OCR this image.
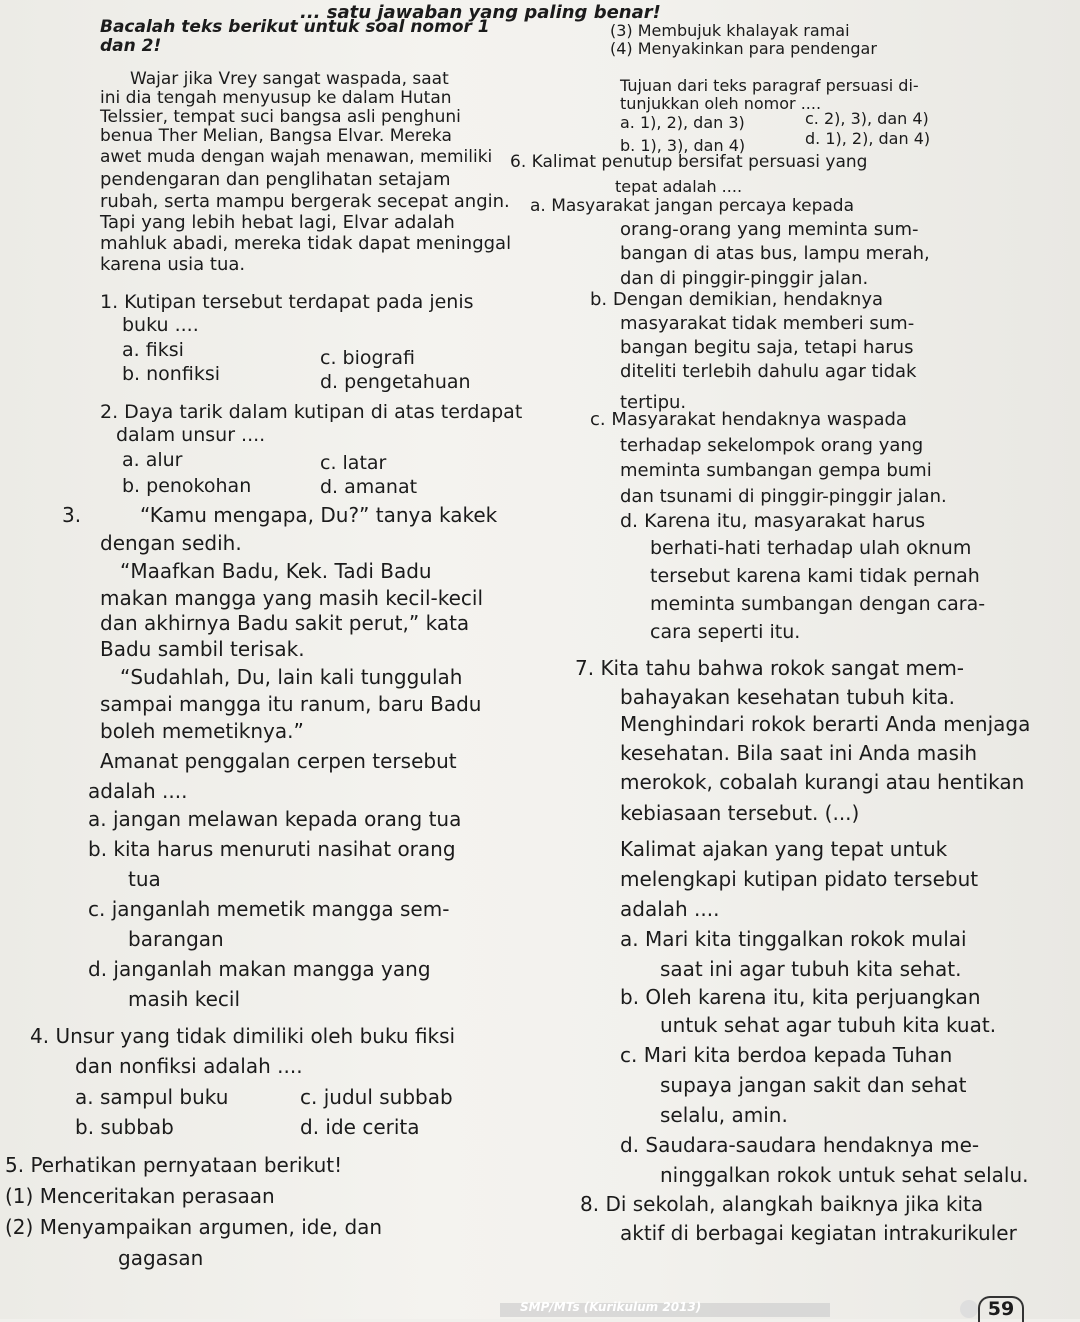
... satu jawaban yang paling benar!
Bacalah teks berikut untuk soal nomor 1
dan 2!
Wajar jika Vrey sangat waspada, saat
ini dia tengah menyusup ke dalam Hutan
Telssier, tempat suci bangsa asli penghuni
benua Ther Melian, Bangsa Elvar. Mereka
awet muda dengan wajah menawan, memiliki
pendengaran dan penglihatan setajam
rubah, serta mampu bergerak secepat angin.
Tapi yang lebih hebat lagi, Elvar adalah
mahluk abadi, mereka tidak dapat meninggal
karena usia tua.
1. Kutipan tersebut terdapat pada jenis
buku ....
a. fiksi	c. biografi
b. nonfiksi	d. pengetahuan
2. Daya tarik dalam kutipan di atas terdapat
dalam unsur ....
a. alur	c. latar
b. penokohan	d. amanat
3.	“Kamu mengapa, Du?” tanya kakek
dengan sedih.
“Maafkan Badu, Kek. Tadi Badu
makan mangga yang masih kecil-kecil
dan akhirnya Badu sakit perut,” kata
Badu sambil terisak.
“Sudahlah, Du, lain kali tunggulah
sampai mangga itu ranum, baru Badu
boleh memetiknya.”
Amanat penggalan cerpen tersebut
adalah ....
a. jangan melawan kepada orang tua
b. kita harus menuruti nasihat orang
tua
c. janganlah memetik mangga sem-
barangan
d. janganlah makan mangga yang
masih kecil
4. Unsur yang tidak dimiliki oleh buku fiksi
dan nonfiksi adalah ....
a. sampul buku	c. judul subbab
b. subbab	d. ide cerita
5. Perhatikan pernyataan berikut!
(1) Menceritakan perasaan
(2) Menyampaikan argumen, ide, dan
gagasan
(3) Membujuk khalayak ramai
(4) Menyakinkan para pendengar
Tujuan dari teks paragraf persuasi di-
tunjukkan oleh nomor ....
a. 1), 2), dan 3)	c. 2), 3), dan 4)
b. 1), 3), dan 4)	d. 1), 2), dan 4)
6. Kalimat penutup bersifat persuasi yang
tepat adalah ....
a. Masyarakat jangan percaya kepada
orang-orang yang meminta sum-
bangan di atas bus, lampu merah,
dan di pinggir-pinggir jalan.
b. Dengan demikian, hendaknya
masyarakat tidak memberi sum-
bangan begitu saja, tetapi harus
diteliti terlebih dahulu agar tidak
tertipu.
c. Masyarakat hendaknya waspada
terhadap sekelompok orang yang
meminta sumbangan gempa bumi
dan tsunami di pinggir-pinggir jalan.
d. Karena itu, masyarakat harus
berhati-hati terhadap ulah oknum
tersebut karena kami tidak pernah
meminta sumbangan dengan cara-
cara seperti itu.
7. Kita tahu bahwa rokok sangat mem-
bahayakan kesehatan tubuh kita.
Menghindari rokok berarti Anda menjaga
kesehatan. Bila saat ini Anda masih
merokok, cobalah kurangi atau hentikan
kebiasaan tersebut. (...)
Kalimat ajakan yang tepat untuk
melengkapi kutipan pidato tersebut
adalah ....
a. Mari kita tinggalkan rokok mulai
saat ini agar tubuh kita sehat.
b. Oleh karena itu, kita perjuangkan
untuk sehat agar tubuh kita kuat.
c. Mari kita berdoa kepada Tuhan
supaya jangan sakit dan sehat
selalu, amin.
d. Saudara-saudara hendaknya me-
ninggalkan rokok untuk sehat selalu.
8. Di sekolah, alangkah baiknya jika kita
aktif di berbagai kegiatan intrakurikuler
SMP/MTs (Kurikulum 2013)	59
